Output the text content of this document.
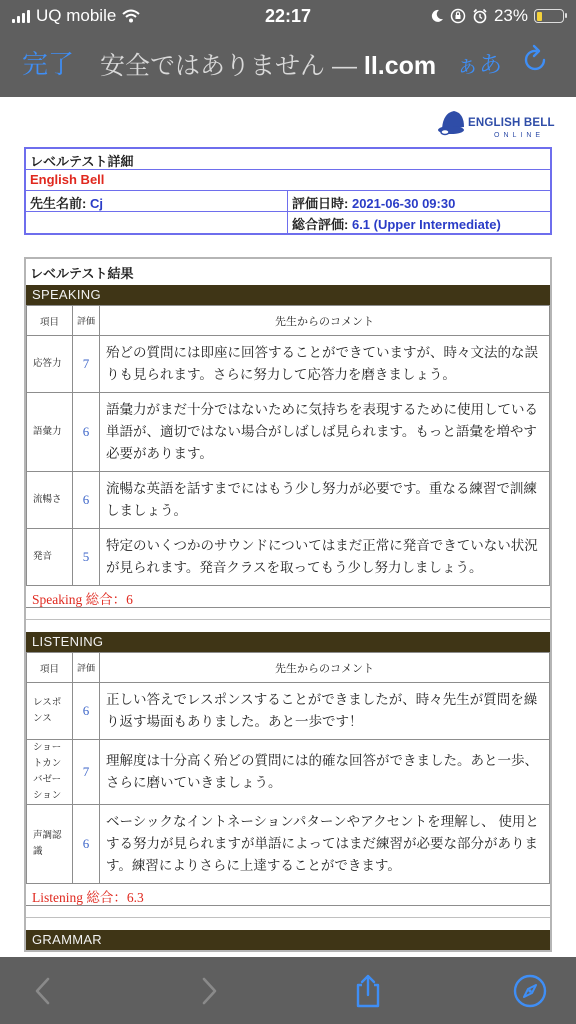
UQ mobile	22:17	23%
完了 安全ではありません — ll.com ぁあ
ENGLISH BELL
ONLINE
レベルテスト詳細
English Bell
先生名前: Cj	評価日時: 2021-06-30 09:30
総合評価: 6.1 (Upper Intermediate)
レベルテスト結果
SPEAKING
項目	評価	先生からのコメント
応答力	7	殆どの質問には即座に回答することができていますが、時々文法的な誤りも見られます。さらに努力して応答力を磨きましょう。
語彙力	6	語彙力がまだ十分ではないために気持ちを表現するために使用している単語が、適切ではない場合がしばしば見られます。もっと語彙を増やす必要があります。
流暢さ	6	流暢な英語を話すまでにはもう少し努力が必要です。重なる練習で訓練しましょう。
発音	5	特定のいくつかのサウンドについてはまだ正常に発音できていない状況が見られます。発音クラスを取ってもう少し努力しましょう。
Speaking 総合：6
LISTENING
項目	評価	先生からのコメント
レスポンス	6	正しい答えでレスポンスすることができましたが、時々先生が質問を繰り返す場面もありました。あと一歩です！
ショートカンバゼーション	7	理解度は十分高く殆どの質問には的確な回答ができました。あと一歩、さらに磨いていきましょう。
声調認識	6	ベーシックなイントネーションパターンやアクセントを理解し、 使用とする努力が見られますが単語によってはまだ練習が必要な部分があります。練習によりさらに上達することができます。
Listening 総合：6.3
GRAMMAR
